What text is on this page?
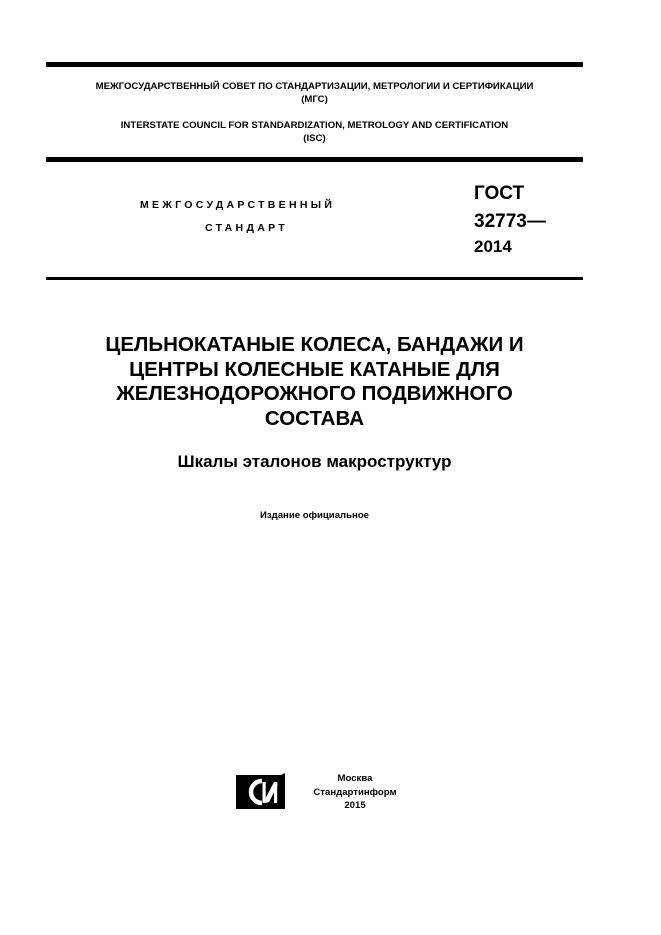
МЕЖГОСУДАРСТВЕННЫЙ СОВЕТ ПО СТАНДАРТИЗАЦИИ, МЕТРОЛОГИИ И СЕРТИФИКАЦИИ
(МГС)
INTERSTATE COUNCIL FOR STANDARDIZATION, METROLOGY AND CERTIFICATION
(ISC)
МЕЖГОСУДАРСТВЕННЫЙ
СТАНДАРТ
ГОСТ
32773—
2014
ЦЕЛЬНОКАТАНЫЕ КОЛЕСА, БАНДАЖИ И
ЦЕНТРЫ КОЛЕСНЫЕ КАТАНЫЕ ДЛЯ
ЖЕЛЕЗНОДОРОЖНОГО ПОДВИЖНОГО
СОСТАВА
Шкалы эталонов макроструктур
Издание официальное
Москва
Стандартинформ
2015
